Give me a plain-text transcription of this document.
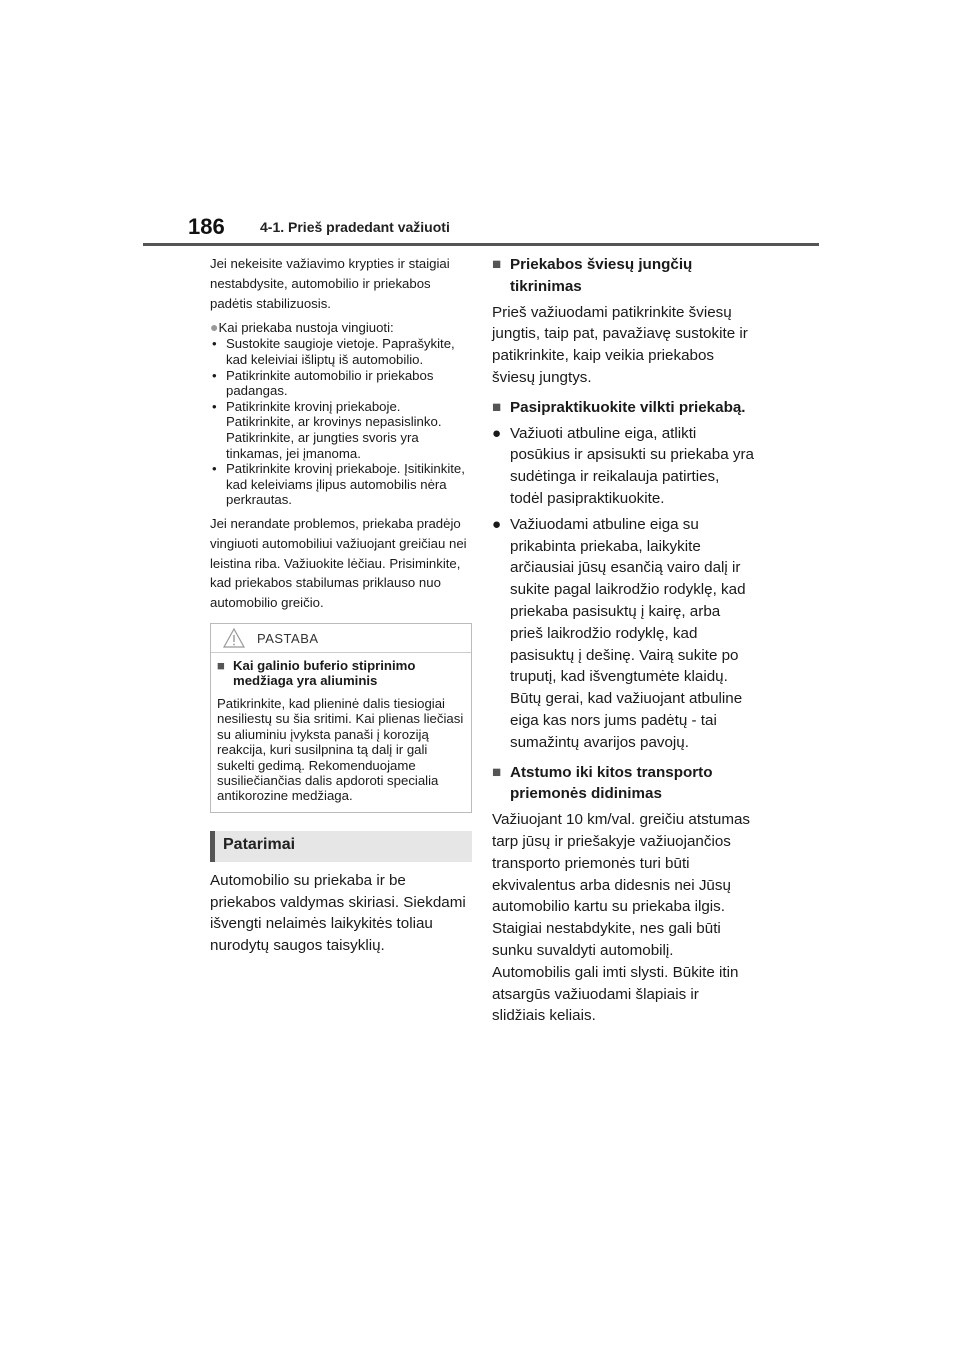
186	4-1. Prieš pradedant važiuoti

Jei nekeisite važiavimo krypties ir staigiai nestabdysite, automobilio ir priekabos padėtis stabilizuosis.

●Kai priekaba nustoja vingiuoti:

• Sustokite saugioje vietoje. Paprašykite, kad keleiviai išliptų iš automobilio.
• Patikrinkite automobilio ir priekabos padangas.
• Patikrinkite krovinį priekaboje. Patikrinkite, ar krovinys nepasislinko. Patikrinkite, ar jungties svoris yra tinkamas, jei įmanoma.
• Patikrinkite krovinį priekaboje. Įsitikinkite, kad keleiviams įlipus automobilis nėra perkrautas.

Jei nerandate problemos, priekaba pradėjo vingiuoti automobiliui važiuojant greičiau nei leistina riba. Važiuokite lėčiau. Prisiminkite, kad priekabos stabilumas priklauso nuo automobilio greičio.

PASTABA

■ Kai galinio buferio stiprinimo medžiaga yra aliuminis

Patikrinkite, kad plieninė dalis tiesiogiai nesiliestų su šia sritimi. Kai plienas liečiasi su aliuminiu įvyksta panaši į koroziją reakcija, kuri susilpnina tą dalį ir gali sukelti gedimą. Rekomenduojame susiliečiančias dalis apdoroti specialia antikorozine medžiaga.

Patarimai

Automobilio su priekaba ir be priekabos valdymas skiriasi. Siekdami išvengti nelaimės laikykitės toliau nurodytų saugos taisyklių.

■ Priekabos šviesų jungčių tikrinimas

Prieš važiuodami patikrinkite šviesų jungtis, taip pat, pavažiavę sustokite ir patikrinkite, kaip veikia priekabos šviesų jungtys.

■ Pasipraktikuokite vilkti priekabą.

● Važiuoti atbuline eiga, atlikti posūkius ir apsisukti su priekaba yra sudėtinga ir reikalauja patirties, todėl pasipraktikuokite.

● Važiuodami atbuline eiga su prikabinta priekaba, laikykite arčiausiai jūsų esančią vairo dalį ir sukite pagal laikrodžio rodyklę, kad priekaba pasisuktų į kairę, arba prieš laikrodžio rodyklę, kad pasisuktų į dešinę. Vairą sukite po truputį, kad išvengtumėte klaidų. Būtų gerai, kad važiuojant atbuline eiga kas nors jums padėtų - tai sumažintų avarijos pavojų.

■ Atstumo iki kitos transporto priemonės didinimas

Važiuojant 10 km/val. greičiu atstumas tarp jūsų ir priešakyje važiuojančios transporto priemonės turi būti ekvivalentus arba didesnis nei Jūsų automobilio kartu su priekaba ilgis. Staigiai nestabdykite, nes gali būti sunku suvaldyti automobilį. Automobilis gali imti slysti. Būkite itin atsargūs važiuodami šlapiais ir slidžiais keliais.
